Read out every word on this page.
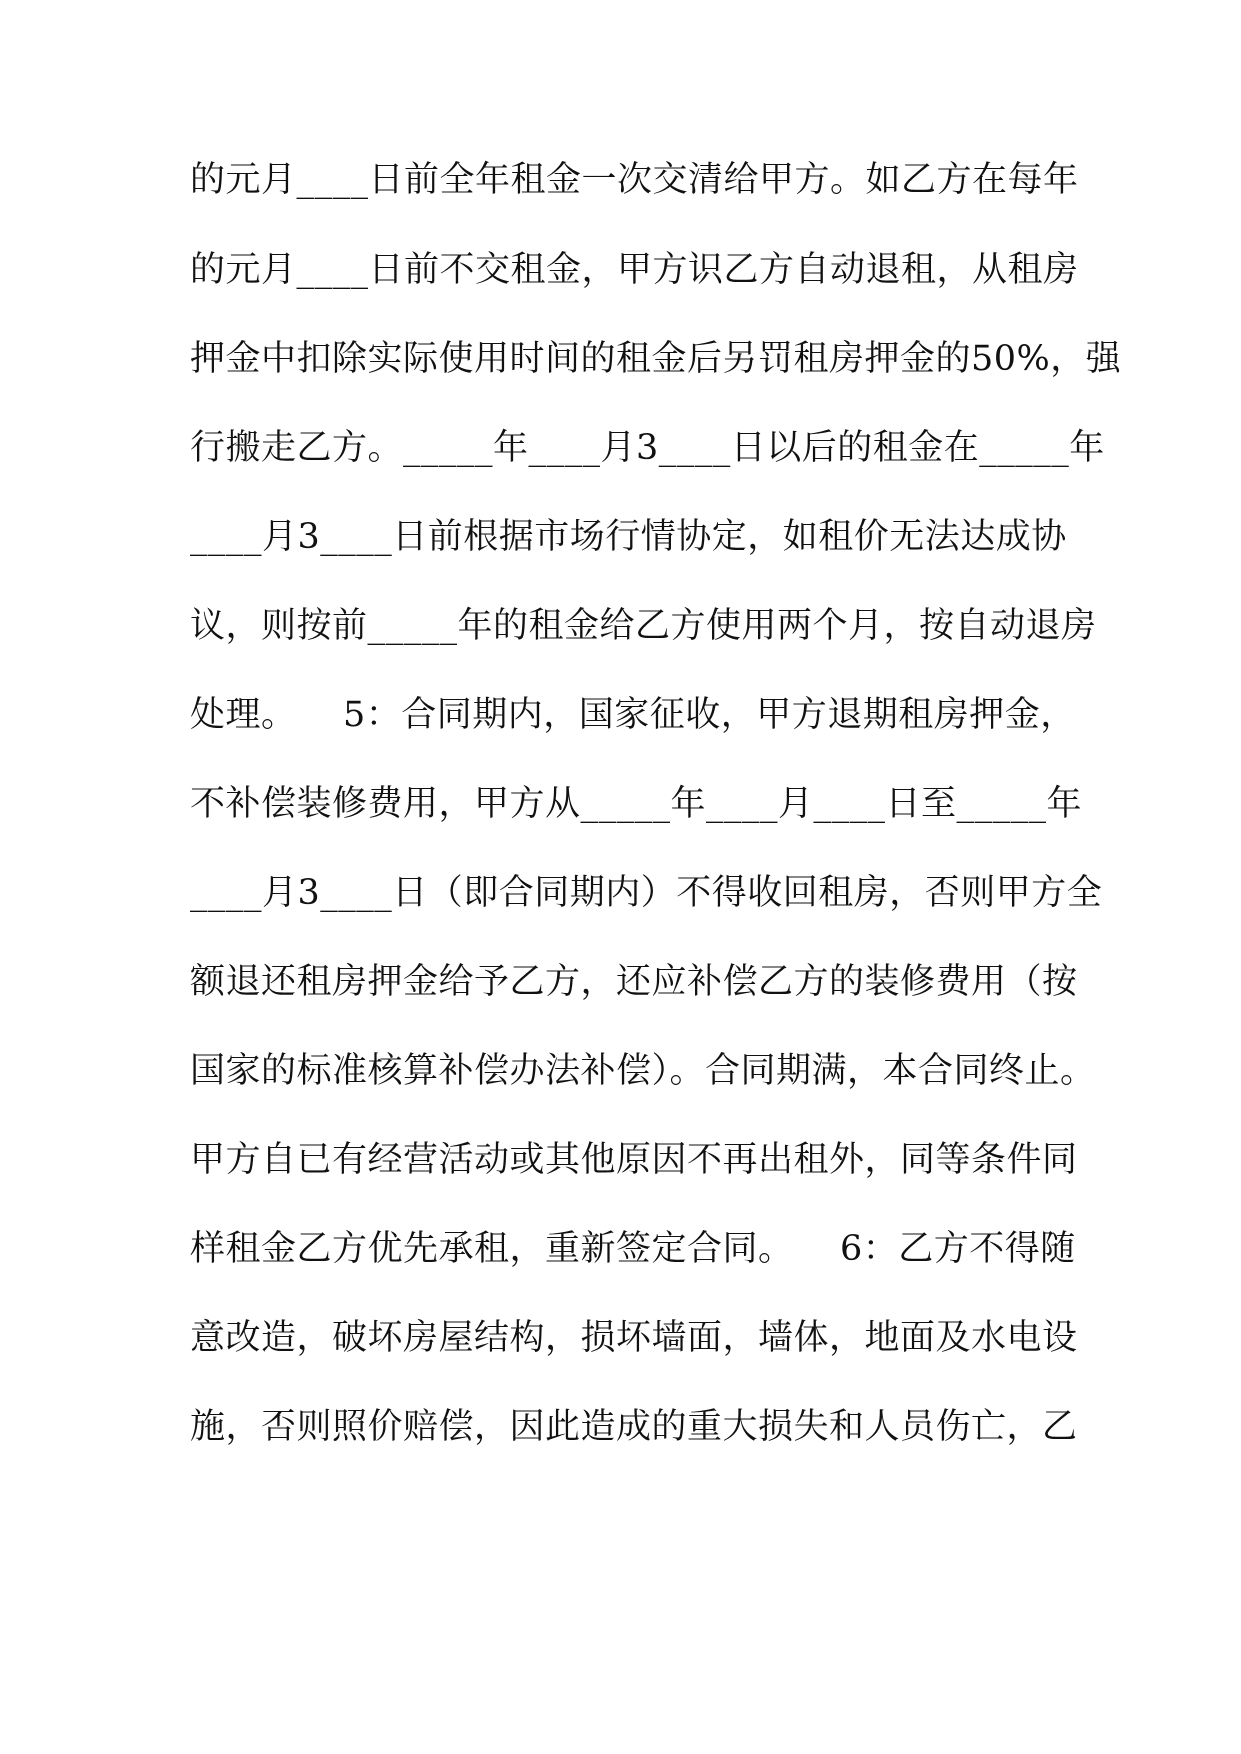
的元月____日前全年租金一次交清给甲方。如乙方在每年
的元月____日前不交租金，甲方识乙方自动退租，从租房
押金中扣除实际使用时间的租金后另罚租房押金的50%，强
行搬走乙方。_____年____月3____日以后的租金在_____年
____月3____日前根据市场行情协定，如租价无法达成协
议，则按前_____年的租金给乙方使用两个月，按自动退房
处理。    5：合同期内，国家征收，甲方退期租房押金，
不补偿装修费用，甲方从_____年____月____日至_____年
____月3____日（即合同期内）不得收回租房，否则甲方全
额退还租房押金给予乙方，还应补偿乙方的装修费用（按
国家的标准核算补偿办法补偿）。合同期满，本合同终止。
甲方自已有经营活动或其他原因不再出租外，同等条件同
样租金乙方优先承租，重新签定合同。    6：乙方不得随
意改造，破坏房屋结构，损坏墙面，墙体，地面及水电设
施，否则照价赔偿，因此造成的重大损失和人员伤亡，乙
